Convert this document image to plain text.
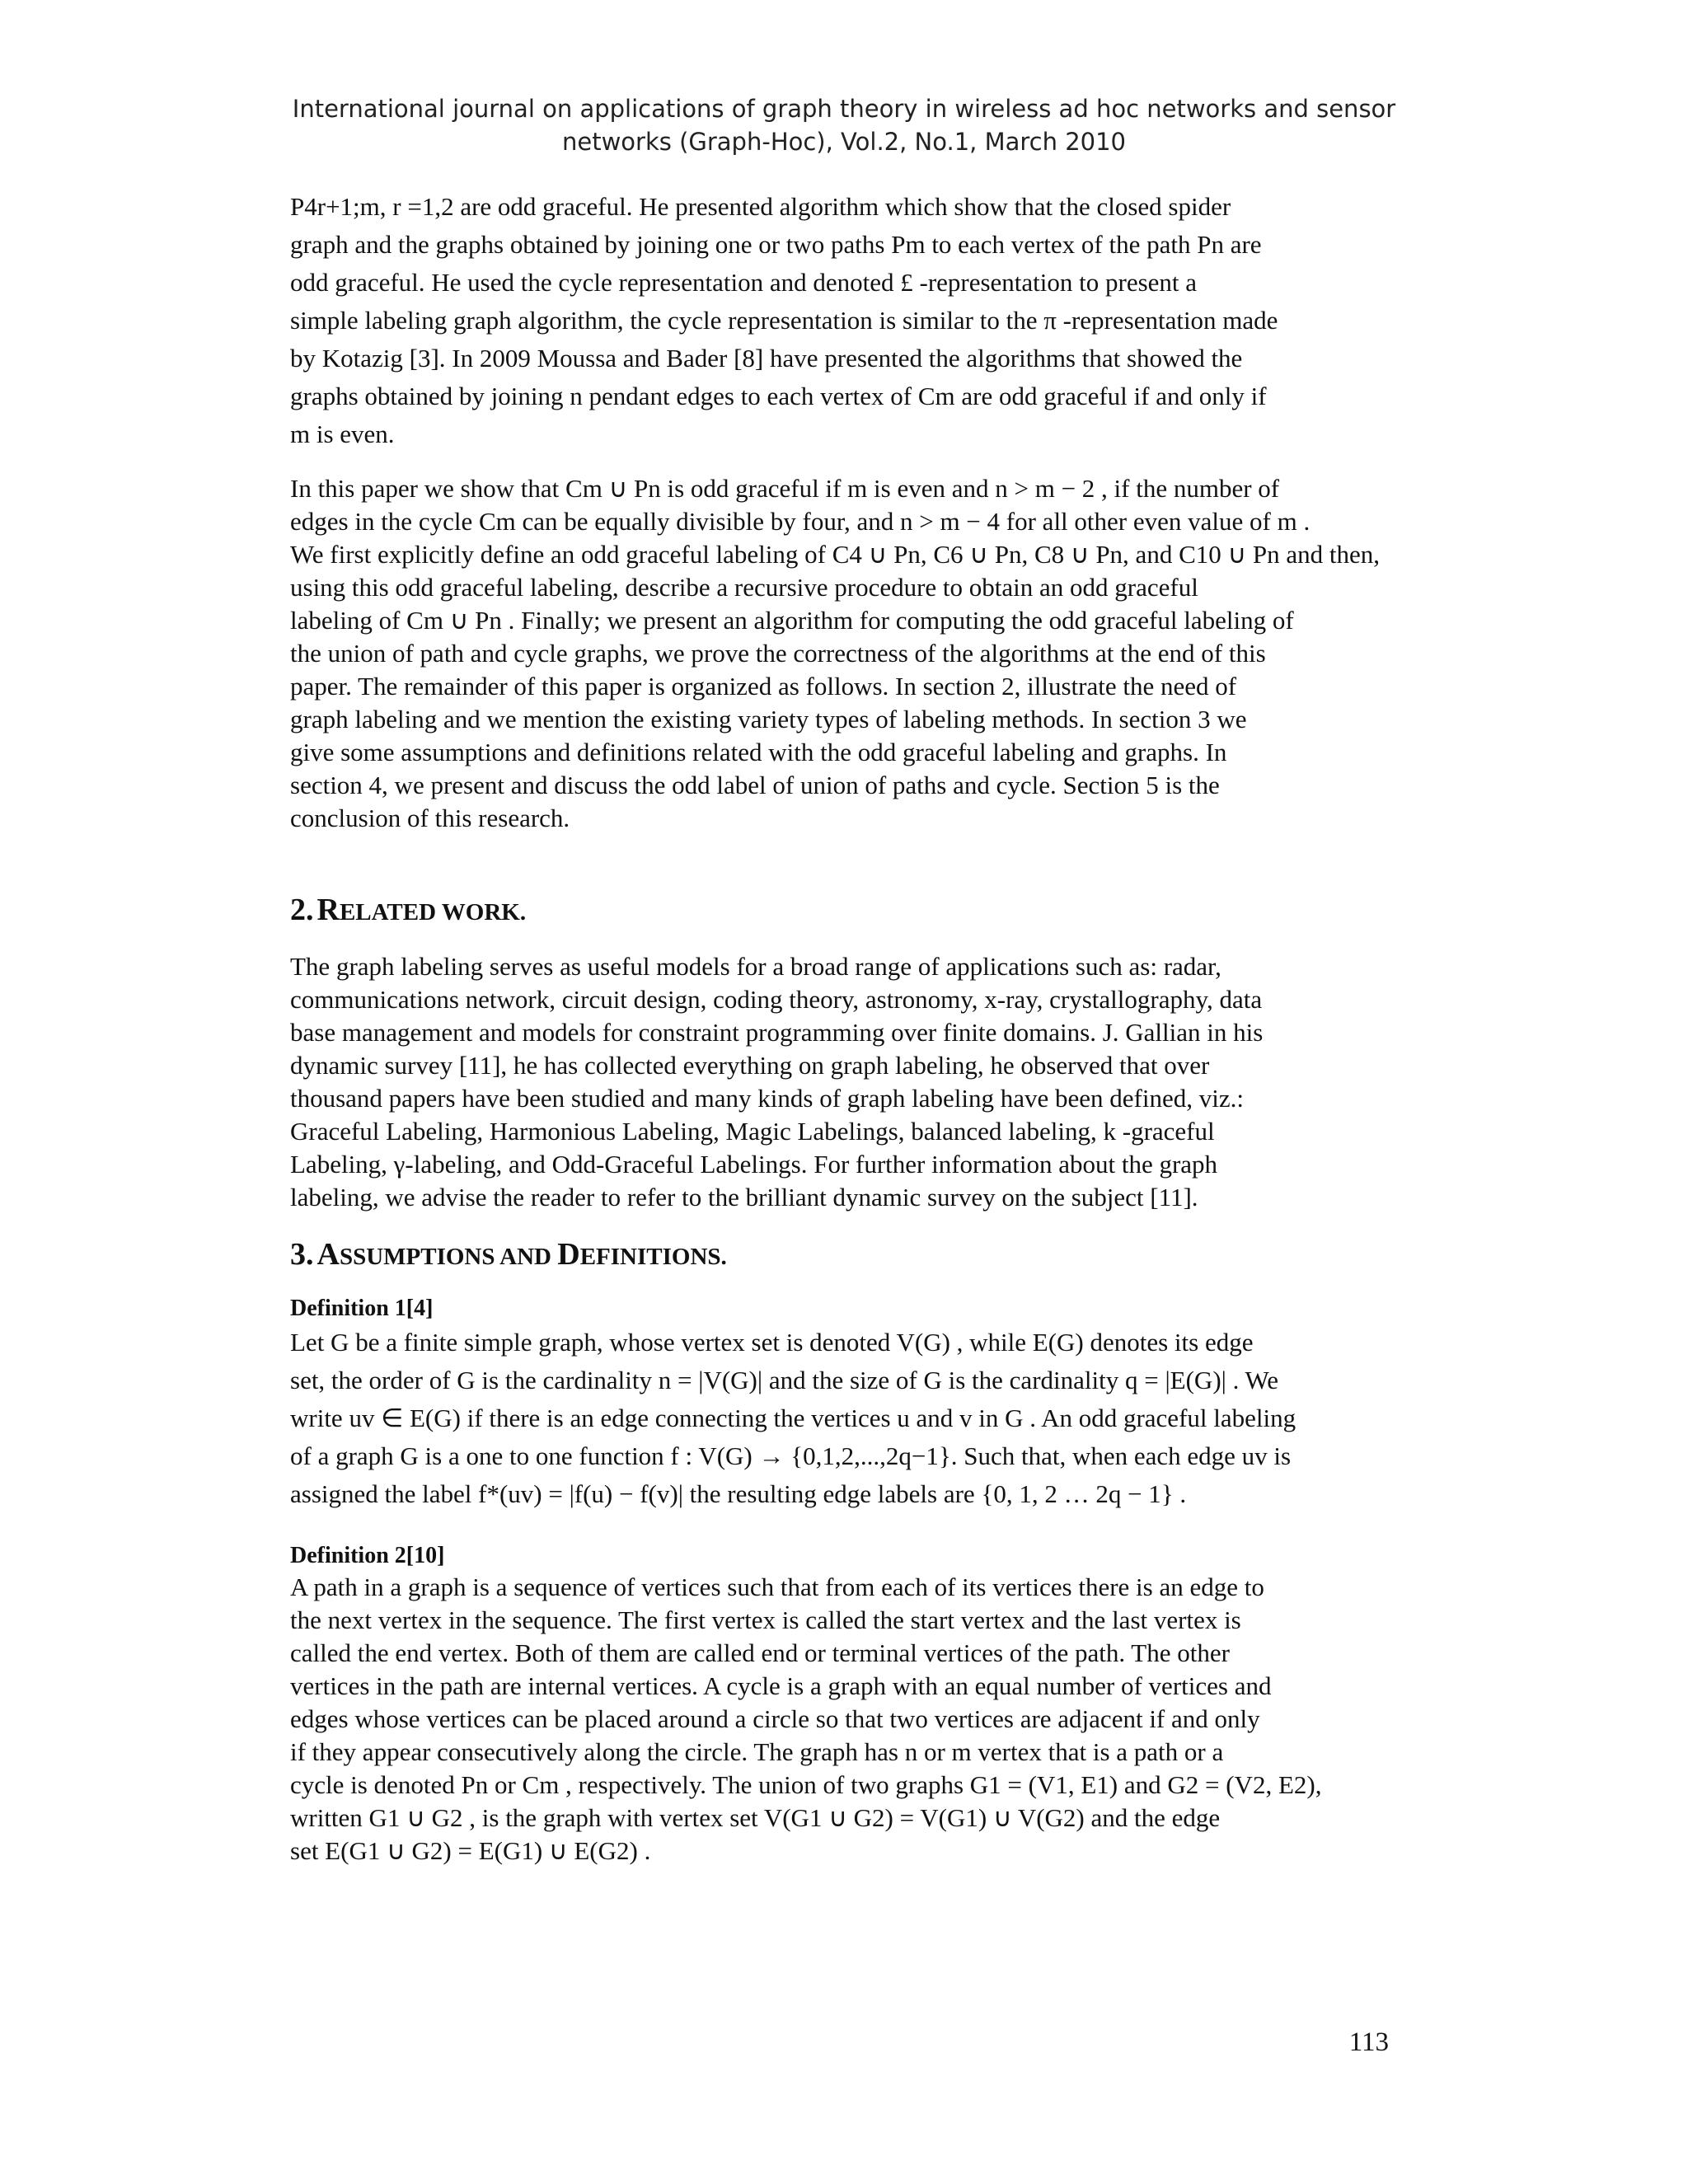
International journal on applications of graph theory in wireless ad hoc networks and sensor
networks (Graph-Hoc), Vol.2, No.1, March 2010
P4r+1;m, r =1,2 are odd graceful. He presented algorithm which show that the closed spider
graph and the graphs obtained by joining one or two paths Pm to each vertex of the path Pn are
odd graceful. He used the cycle representation and denoted £ -representation to present a
simple labeling graph algorithm, the cycle representation is similar to the π -representation made
by Kotazig [3]. In 2009 Moussa and Bader [8] have presented the algorithms that showed the
graphs obtained by joining n pendant edges to each vertex of Cm are odd graceful if and only if
m is even.
In this paper we show that Cm ∪ Pn is odd graceful if m is even and n > m − 2 , if the number of
edges in the cycle Cm can be equally divisible by four, and n > m − 4 for all other even value of m .
We first explicitly define an odd graceful labeling of C4 ∪ Pn, C6 ∪ Pn, C8 ∪ Pn, and C10 ∪ Pn and then,
using this odd graceful labeling, describe a recursive procedure to obtain an odd graceful
labeling of Cm ∪ Pn . Finally; we present an algorithm for computing the odd graceful labeling of
the union of path and cycle graphs, we prove the correctness of the algorithms at the end of this
paper. The remainder of this paper is organized as follows. In section 2, illustrate the need of
graph labeling and we mention the existing variety types of labeling methods. In section 3 we
give some assumptions and definitions related with the odd graceful labeling and graphs. In
section 4, we present and discuss the odd label of union of paths and cycle. Section 5 is the
conclusion of this research.
2. RELATED WORK.
The graph labeling serves as useful models for a broad range of applications such as: radar,
communications network, circuit design, coding theory, astronomy, x-ray, crystallography, data
base management and models for constraint programming over finite domains. J. Gallian in his
dynamic survey [11], he has collected everything on graph labeling, he observed that over
thousand papers have been studied and many kinds of graph labeling have been defined, viz.:
Graceful Labeling, Harmonious Labeling, Magic Labelings, balanced labeling, k -graceful
Labeling, γ-labeling, and Odd-Graceful Labelings. For further information about the graph
labeling, we advise the reader to refer to the brilliant dynamic survey on the subject [11].
3. ASSUMPTIONS AND DEFINITIONS.
Definition 1[4]
Let G be a finite simple graph, whose vertex set is denoted V(G) , while E(G) denotes its edge
set, the order of G is the cardinality n = |V(G)| and the size of G is the cardinality q = |E(G)| . We
write uv ∈ E(G) if there is an edge connecting the vertices u and v in G . An odd graceful labeling
of a graph G is a one to one function f : V(G) → {0,1,2,...,2q−1}. Such that, when each edge uv is
assigned the label f*(uv) = |f(u) − f(v)| the resulting edge labels are {0, 1, 2 … 2q − 1} .
Definition 2[10]
A path in a graph is a sequence of vertices such that from each of its vertices there is an edge to
the next vertex in the sequence. The first vertex is called the start vertex and the last vertex is
called the end vertex. Both of them are called end or terminal vertices of the path. The other
vertices in the path are internal vertices. A cycle is a graph with an equal number of vertices and
edges whose vertices can be placed around a circle so that two vertices are adjacent if and only
if they appear consecutively along the circle. The graph has n or m vertex that is a path or a
cycle is denoted Pn or Cm , respectively. The union of two graphs G1 = (V1, E1) and G2 = (V2, E2),
written G1 ∪ G2 , is the graph with vertex set V(G1 ∪ G2) = V(G1) ∪ V(G2) and the edge
set E(G1 ∪ G2) = E(G1) ∪ E(G2) .
113
